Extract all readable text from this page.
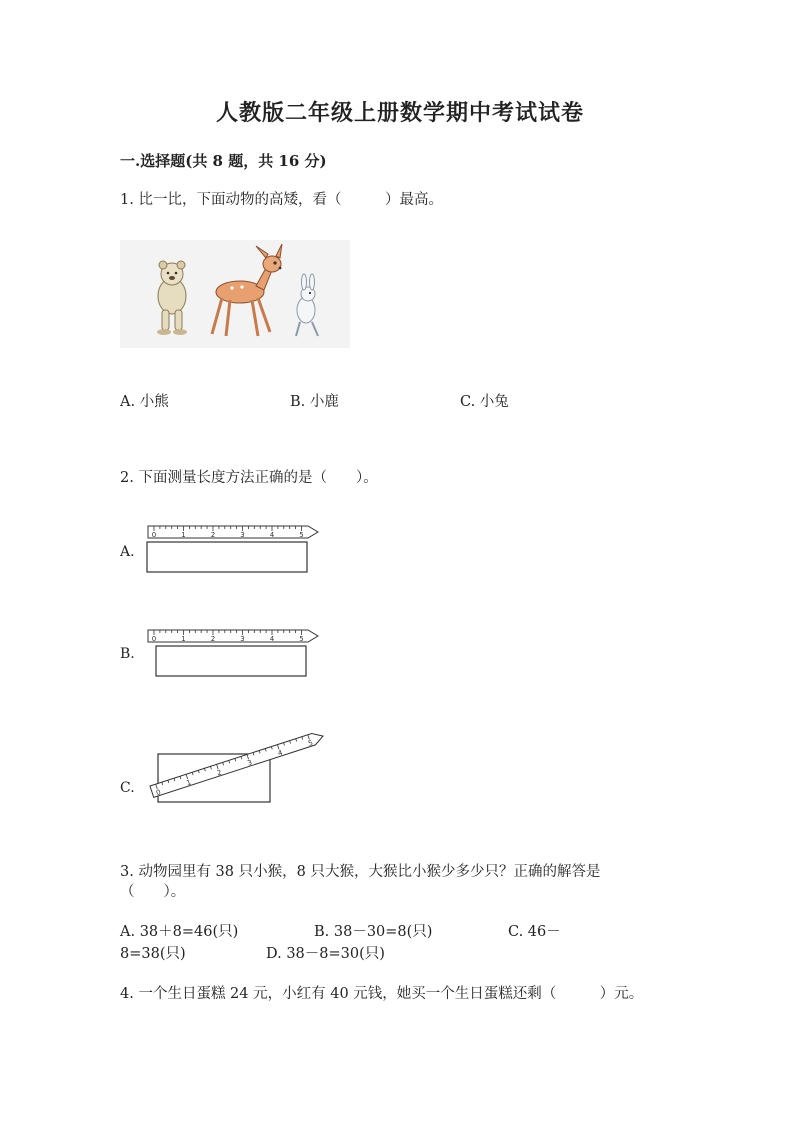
人教版二年级上册数学期中考试试卷
一.选择题(共 8 题，共 16 分)
1. 比一比，下面动物的高矮，看（　　　）最高。
A. 小熊	B. 小鹿	C. 小兔
2. 下面测量长度方法正确的是（　　）。
A.
0	1	2	3	4	5
B.
0	1	2	3	4	5
C.	0
1
2
3
4
5
3. 动物园里有 38 只小猴，8 只大猴，大猴比小猴少多少只？正确的解答是
（　　）。
A. 38＋8=46(只)	B. 38－30=8(只)	C. 46－
8=38(只)	D. 38－8=30(只)
4. 一个生日蛋糕 24 元，小红有 40 元钱，她买一个生日蛋糕还剩（　　　）元。
